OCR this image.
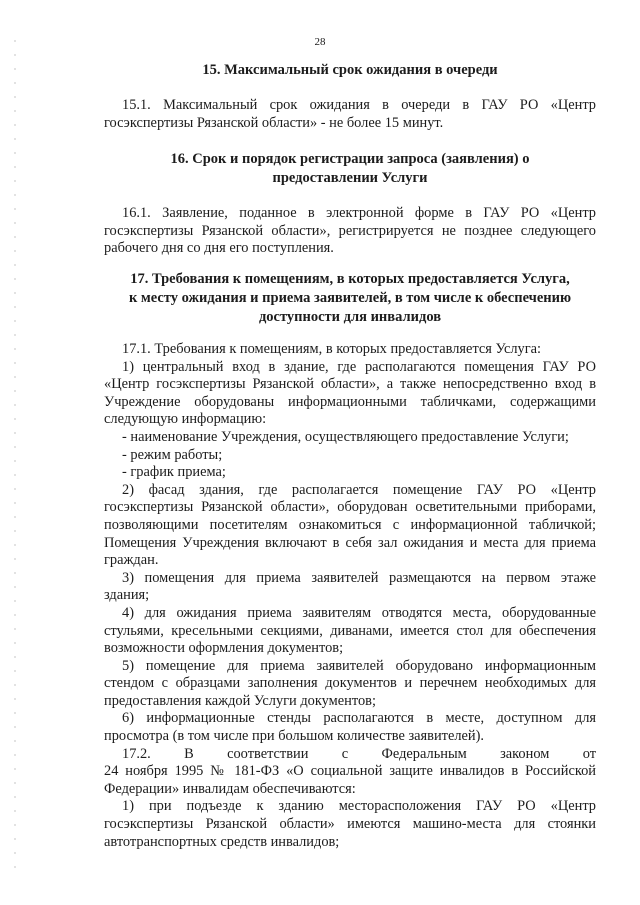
28
15. Максимальный срок ожидания в очереди
15.1. Максимальный срок ожидания в очереди в ГАУ РО «Центр
госэкспертизы Рязанской области» - не более 15 минут.
16. Срок и порядок регистрации запроса (заявления) о
предоставлении Услуги
16.1. Заявление, поданное в электронной форме в ГАУ РО «Центр
госэкспертизы Рязанской области», регистрируется не позднее следующего
рабочего дня со дня его поступления.
17. Требования к помещениям, в которых предоставляется Услуга,
к месту ожидания и приема заявителей, в том числе к обеспечению
доступности для инвалидов
17.1. Требования к помещениям, в которых предоставляется Услуга:
1) центральный вход в здание, где располагаются помещения ГАУ РО
«Центр госэкспертизы Рязанской области», а также непосредственно вход в
Учреждение оборудованы информационными табличками, содержащими
следующую информацию:
- наименование Учреждения, осуществляющего предоставление Услуги;
- режим работы;
- график приема;
2) фасад здания, где располагается помещение ГАУ РО «Центр
госэкспертизы Рязанской области», оборудован осветительными приборами,
позволяющими посетителям ознакомиться с информационной табличкой;
Помещения Учреждения включают в себя зал ожидания и места для приема
граждан.
3) помещения для приема заявителей размещаются на первом этаже
здания;
4) для ожидания приема заявителям отводятся места, оборудованные
стульями, кресельными секциями, диванами, имеется стол для обеспечения
возможности оформления документов;
5) помещение для приема заявителей оборудовано информационным
стендом с образцами заполнения документов и перечнем необходимых для
предоставления каждой Услуги документов;
6) информационные стенды располагаются в месте, доступном для
просмотра (в том числе при большом количестве заявителей).
17.2. В соответствии с Федеральным законом от
24 ноября 1995 № 181-ФЗ «О социальной защите инвалидов в Российской
Федерации» инвалидам обеспечиваются:
1) при подъезде к зданию месторасположения ГАУ РО «Центр
госэкспертизы Рязанской области» имеются машино-места для стоянки
автотранспортных средств инвалидов;
